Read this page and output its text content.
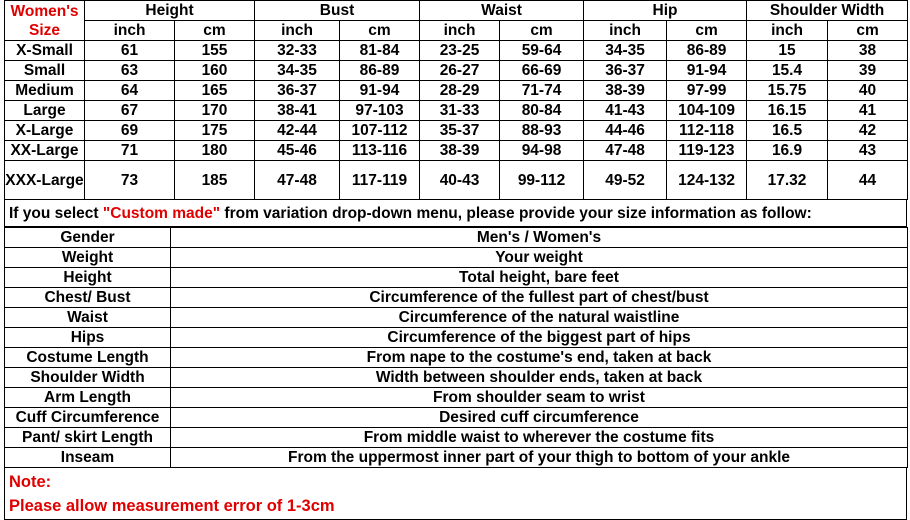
Women's Size	Height		Bust		Waist		Hip		Shoulder Width	
	inch	cm	inch	cm	inch	cm	inch	cm	inch	cm
X-Small	61	155	32-33	81-84	23-25	59-64	34-35	86-89	15	38
Small	63	160	34-35	86-89	26-27	66-69	36-37	91-94	15.4	39
Medium	64	165	36-37	91-94	28-29	71-74	38-39	97-99	15.75	40
Large	67	170	38-41	97-103	31-33	80-84	41-43	104-109	16.15	41
X-Large	69	175	42-44	107-112	35-37	88-93	44-46	112-118	16.5	42
XX-Large	71	180	45-46	113-116	38-39	94-98	47-48	119-123	16.9	43
XXX-Large	73	185	47-48	117-119	40-43	99-112	49-52	124-132	17.32	44
If you select "Custom made" from variation drop-down menu, please provide your size information as follow:
Gender	Men's / Women's
Weight	Your weight
Height	Total height, bare feet
Chest/ Bust	Circumference of the fullest part of chest/bust
Waist	Circumference of the natural waistline
Hips	Circumference of the biggest part of hips
Costume Length	From nape to the costume's end, taken at back
Shoulder Width	Width between shoulder ends, taken at back
Arm Length	From shoulder seam to wrist
Cuff Circumference	Desired cuff circumference
Pant/ skirt Length	From middle waist to wherever the costume fits
Inseam	From the uppermost inner part of your thigh to bottom of your ankle
Note:
Please allow measurement error of 1-3cm
